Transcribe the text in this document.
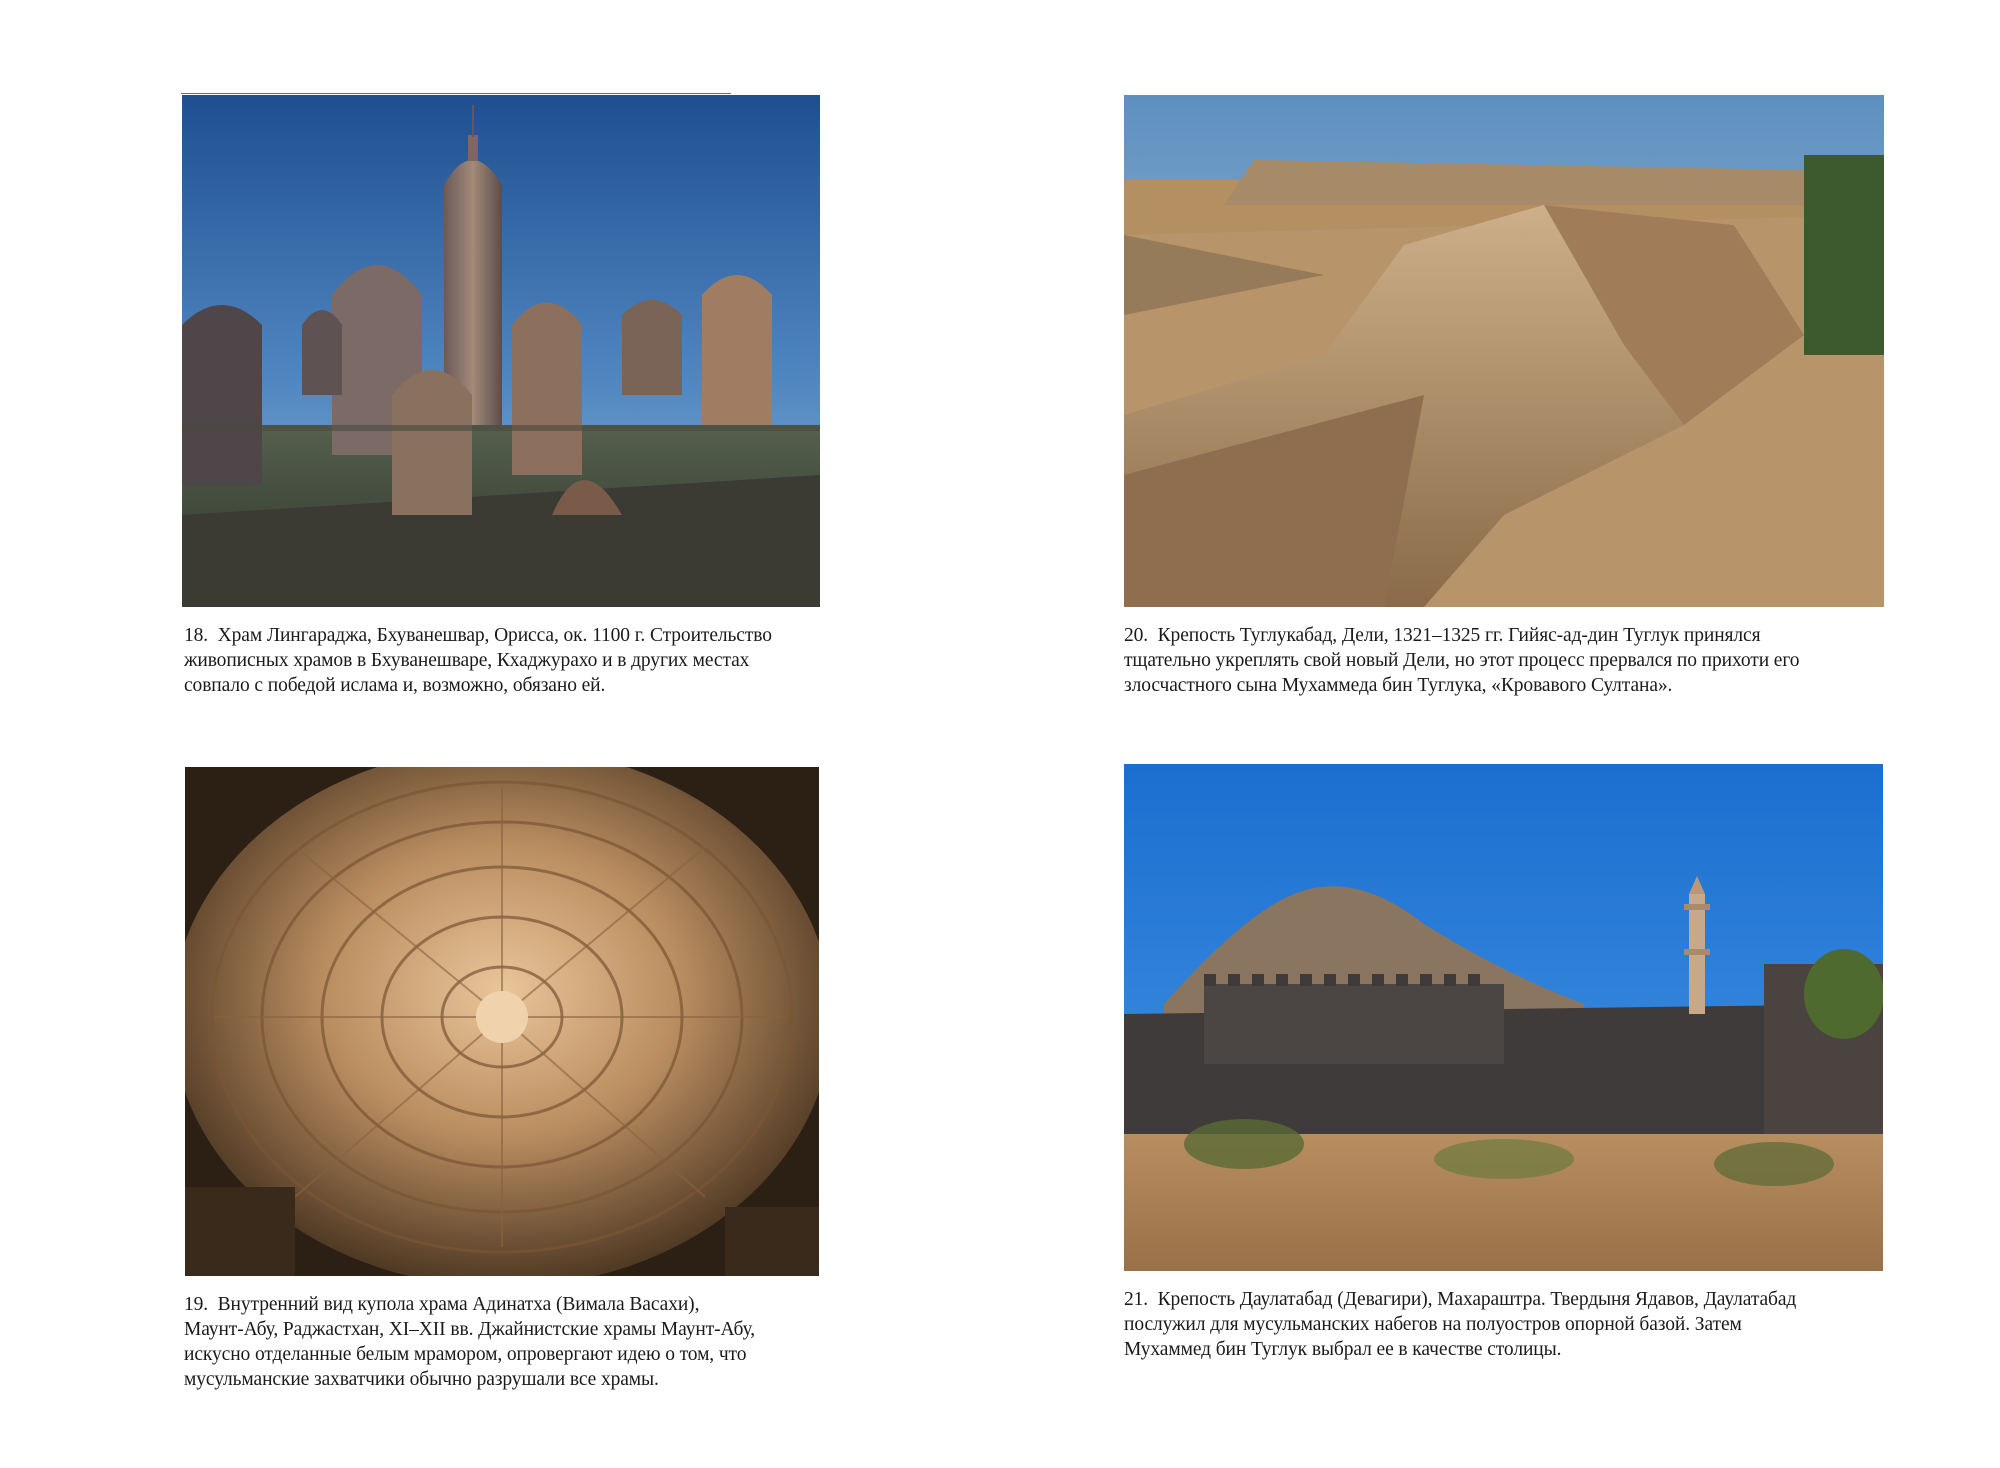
18. Храм Лингараджа, Бхуванешвар, Орисса, ок. 1100 г. Строительство
живописных храмов в Бхуванешваре, Кхаджурахо и в других местах
совпало с победой ислама и, возможно, обязано ей.

19. Внутренний вид купола храма Адинатха (Вимала Васахи),
Маунт-Абу, Раджастхан, XI–XII вв. Джайнистские храмы Маунт-Абу,
искусно отделанные белым мрамором, опровергают идею о том, что
мусульманские захватчики обычно разрушали все храмы.

20. Крепость Туглукабад, Дели, 1321–1325 гг. Гийяс-ад-дин Туглук принялся
тщательно укреплять свой новый Дели, но этот процесс прервался по прихоти его
злосчастного сына Мухаммеда бин Туглука, «Кровавого Султана».

21. Крепость Даулатабад (Девагири), Махараштра. Твердыня Ядавов, Даулатабад
послужил для мусульманских набегов на полуостров опорной базой. Затем
Мухаммед бин Туглук выбрал ее в качестве столицы.
